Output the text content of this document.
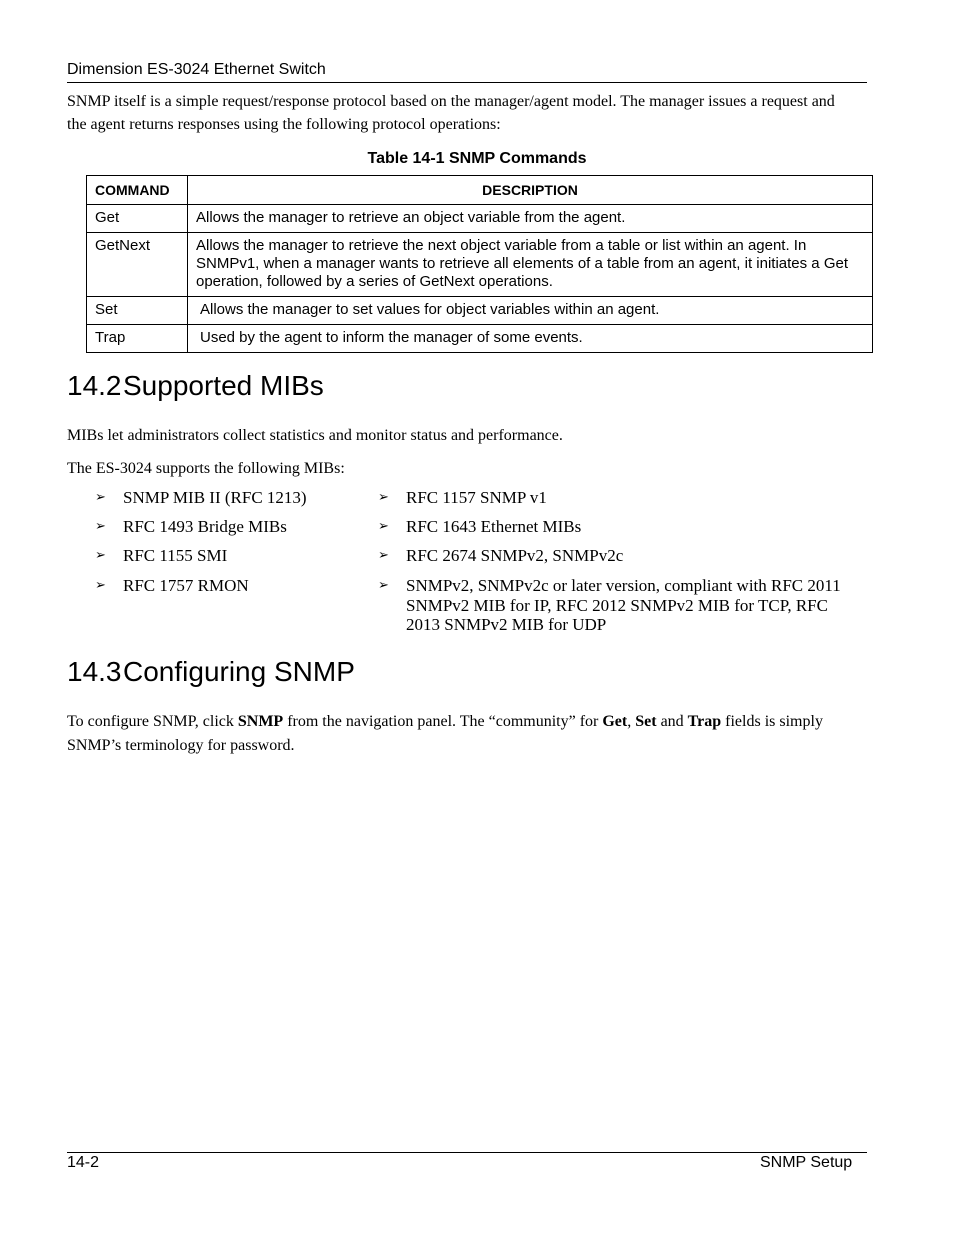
Dimension ES-3024 Ethernet Switch
SNMP itself is a simple request/response protocol based on the manager/agent model. The manager issues a request and the agent returns responses using the following protocol operations:
Table 14-1 SNMP Commands
COMMAND	DESCRIPTION
Get	Allows the manager to retrieve an object variable from the agent.
GetNext	Allows the manager to retrieve the next object variable from a table or list within an agent. In SNMPv1, when a manager wants to retrieve all elements of a table from an agent, it initiates a Get operation, followed by a series of GetNext operations.
Set	Allows the manager to set values for object variables within an agent.
Trap	Used by the agent to inform the manager of some events.
14.2Supported MIBs
MIBs let administrators collect statistics and monitor status and performance.
The ES-3024 supports the following MIBs:
➢ SNMP MIB II (RFC 1213)
➢ RFC 1493 Bridge MIBs
➢ RFC 1155 SMI
➢ RFC 1757 RMON
➢ RFC 1157 SNMP v1
➢ RFC 1643 Ethernet MIBs
➢ RFC 2674 SNMPv2, SNMPv2c
➢ SNMPv2, SNMPv2c or later version, compliant with RFC 2011 SNMPv2 MIB for IP, RFC 2012 SNMPv2 MIB for TCP, RFC 2013 SNMPv2 MIB for UDP
14.3Configuring SNMP
To configure SNMP, click SNMP from the navigation panel. The “community” for Get, Set and Trap fields is simply SNMP’s terminology for password.
14-2	SNMP Setup
